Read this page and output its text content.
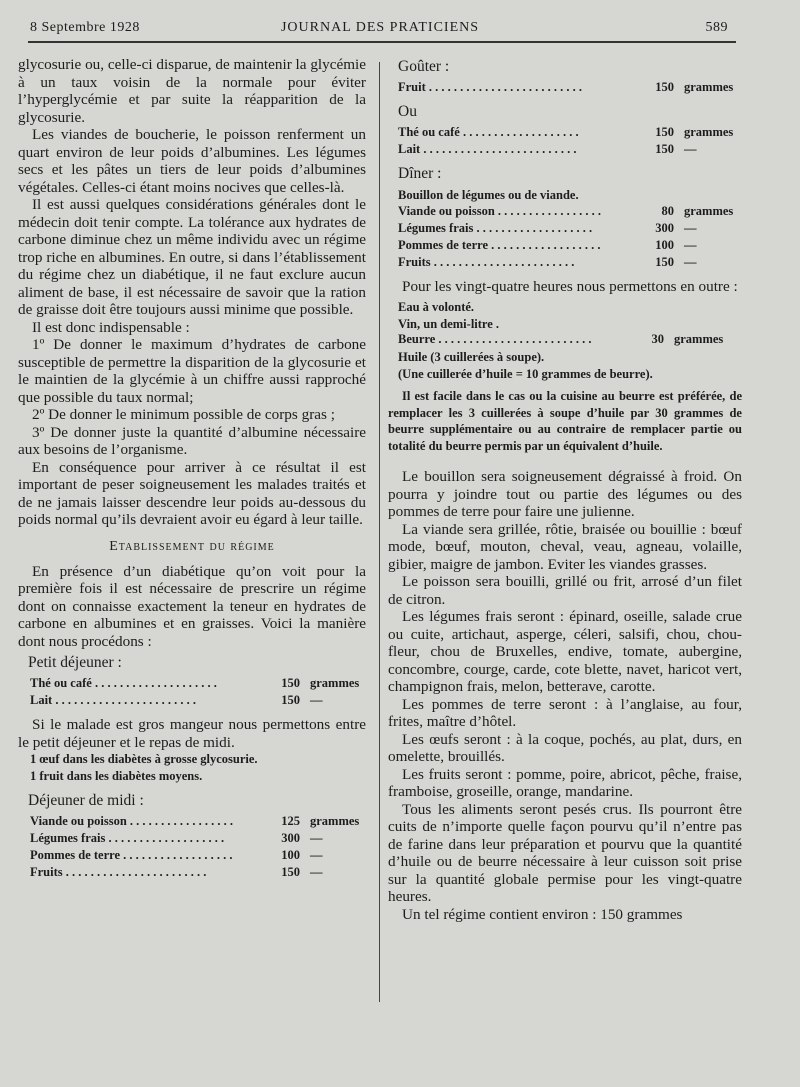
8 Septembre 1928	JOURNAL DES PRATICIENS	589

glycosurie ou, celle-ci disparue, de maintenir la glycémie à un taux voisin de la normale pour éviter l’hyperglycémie et par suite la réapparition de la glycosurie.

Les viandes de boucherie, le poisson renferment un quart environ de leur poids d’albumines. Les légumes secs et les pâtes un tiers de leur poids d’albumines végétales. Celles-ci étant moins nocives que celles-là.

Il est aussi quelques considérations générales dont le médecin doit tenir compte. La tolérance aux hydrates de carbone diminue chez un même individu avec un régime trop riche en albumines. En outre, si dans l’établissement du régime chez un diabétique, il ne faut exclure aucun aliment de base, il est nécessaire de savoir que la ration de graisse doit être toujours aussi minime que possible.

Il est donc indispensable :

1º De donner le maximum d’hydrates de carbone susceptible de permettre la disparition de la glycosurie et le maintien de la glycémie à un chiffre aussi rapproché que possible du taux normal;

2º De donner le minimum possible de corps gras ;

3º De donner juste la quantité d’albumine nécessaire aux besoins de l’organisme.

En conséquence pour arriver à ce résultat il est important de peser soigneusement les malades traités et de ne jamais laisser descendre leur poids au-dessous du poids normal qu’ils devraient avoir eu égard à leur taille.

Etablissement du régime

En présence d’un diabétique qu’on voit pour la première fois il est nécessaire de prescrire un régime dont on connaisse exactement la teneur en hydrates de carbone en albumines et en graisses. Voici la manière dont nous procédons :

Petit déjeuner :
Thé ou café . . . . . . . . . . . . . . . . . . . .	150	grammes
Lait . . . . . . . . . . . . . . . . . . . . . . .	150	—

Si le malade est gros mangeur nous permettons entre le petit déjeuner et le repas de midi.

1 œuf dans les diabètes à grosse glycosurie.

1 fruit dans les diabètes moyens.

Déjeuner de midi :
Viande ou poisson . . . . . . . . . . . . . . . . .	125	grammes
Légumes frais . . . . . . . . . . . . . . . . . . .	300	—
Pommes de terre . . . . . . . . . . . . . . . . . .	100	—
Fruits . . . . . . . . . . . . . . . . . . . . . . .	150	—
Goûter :
Fruit . . . . . . . . . . . . . . . . . . . . . . . . .	150	grammes
Ou
Thé ou café . . . . . . . . . . . . . . . . . . .	150	grammes
Lait . . . . . . . . . . . . . . . . . . . . . . . . .	150	—
Dîner :

Bouillon de légumes ou de viande.

Viande ou poisson . . . . . . . . . . . . . . . . .	80	grammes
Légumes frais . . . . . . . . . . . . . . . . . . .	300	—
Pommes de terre . . . . . . . . . . . . . . . . . .	100	—
Fruits . . . . . . . . . . . . . . . . . . . . . . .	150	—

Pour les vingt-quatre heures nous permettons en outre :

Eau à volonté.

Vin, un demi-litre .

Beurre . . . . . . . . . . . . . . . . . . . . . . . . .	30	grammes

Huile (3 cuillerées à soupe).

(Une cuillerée d’huile = 10 grammes de beurre).

Il est facile dans le cas ou la cuisine au beurre est préférée, de remplacer les 3 cuillerées à soupe d’huile par 30 grammes de beurre supplémentaire ou au contraire de remplacer partie ou totalité du beurre permis par un équivalent d’huile.

Le bouillon sera soigneusement dégraissé à froid. On pourra y joindre tout ou partie des légumes ou des pommes de terre pour faire une julienne.

La viande sera grillée, rôtie, braisée ou bouillie : bœuf mode, bœuf, mouton, cheval, veau, agneau, volaille, gibier, maigre de jambon. Eviter les viandes grasses.

Le poisson sera bouilli, grillé ou frit, arrosé d’un filet de citron.

Les légumes frais seront : épinard, oseille, salade crue ou cuite, artichaut, asperge, céleri, salsifi, chou, chou-fleur, chou de Bruxelles, endive, tomate, aubergine, concombre, courge, carde, cote blette, navet, haricot vert, champignon frais, melon, betterave, carotte.

Les pommes de terre seront : à l’anglaise, au four, frites, maître d’hôtel.

Les œufs seront : à la coque, pochés, au plat, durs, en omelette, brouillés.

Les fruits seront : pomme, poire, abricot, pêche, fraise, framboise, groseille, orange, mandarine.

Tous les aliments seront pesés crus. Ils pourront être cuits de n’importe quelle façon pourvu qu’il n’entre pas de farine dans leur préparation et pourvu que la quantité d’huile ou de beurre nécessaire à leur cuisson soit prise sur la quantité globale permise pour les vingt-quatre heures.

Un tel régime contient environ : 150 grammes
